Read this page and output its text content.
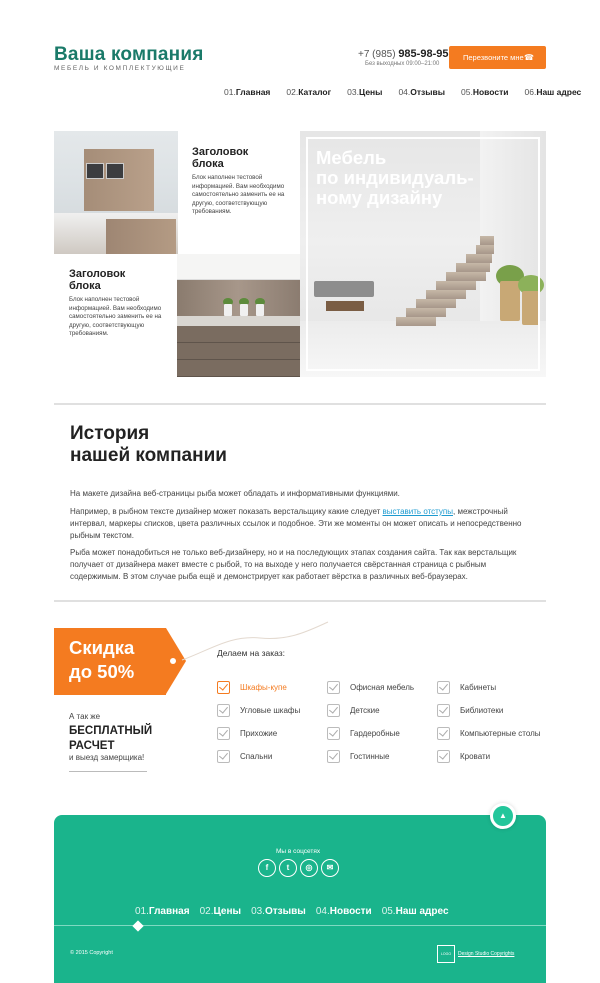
Ваша компания
МЕБЕЛЬ И КОМПЛЕКТУЮЩИЕ
+7 (985) 985-98-95
Без выходных 09:00–21:00
Перезвоните мне ☎
01.Главная 02.Каталог 03.Цены 04.Отзывы 05.Новости 06.Наш адрес
Заголовок
блока
Блок наполнен тестовой информацией. Вам необходимо самостоятельно заменить ее на другую, соответствующую требованиям.
Заголовок
блока
Блок наполнен тестовой информацией. Вам необходимо самостоятельно заменить ее на другую, соответствующую требованиям.
Мебель
по индивидуаль-
ному дизайну
История
нашей компании
На макете дизайна веб-страницы рыба может обладать и информативными функциями.
Например, в рыбном тексте дизайнер может показать верстальщику какие следует выставить отступы, межстрочный интервал, маркеры списков, цвета различных ссылок и подобное. Эти же моменты он может описать и непосредственно рыбным текстом.
Рыба может понадобиться не только веб-дизайнеру, но и на последующих этапах создания сайта. Так как верстальщик получает от дизайнера макет вместе с рыбой, то на выходе у него получается свёрстанная страница с рыбным содержимым. В этом случае рыба ещё и демонстрирует как работает вёрстка в различных веб-браузерах.
Скидка
до 50%
А так же
БЕСПЛАТНЫЙ
РАСЧЕТ
и выезд замерщика!
Делаем на заказ:
Шкафы-купе
Угловые шкафы
Прихожие
Спальни
Офисная мебель
Детские
Гардеробные
Гостинные
Кабинеты
Библиотеки
Компьютерные столы
Кровати
▲
Мы в соцсетях
f	t	◎	✉
01.Главная 02.Цены 03.Отзывы 04.Новости 05.Наш адрес
© 2015 Copyright	LOGO	Design Studio Copyrights
